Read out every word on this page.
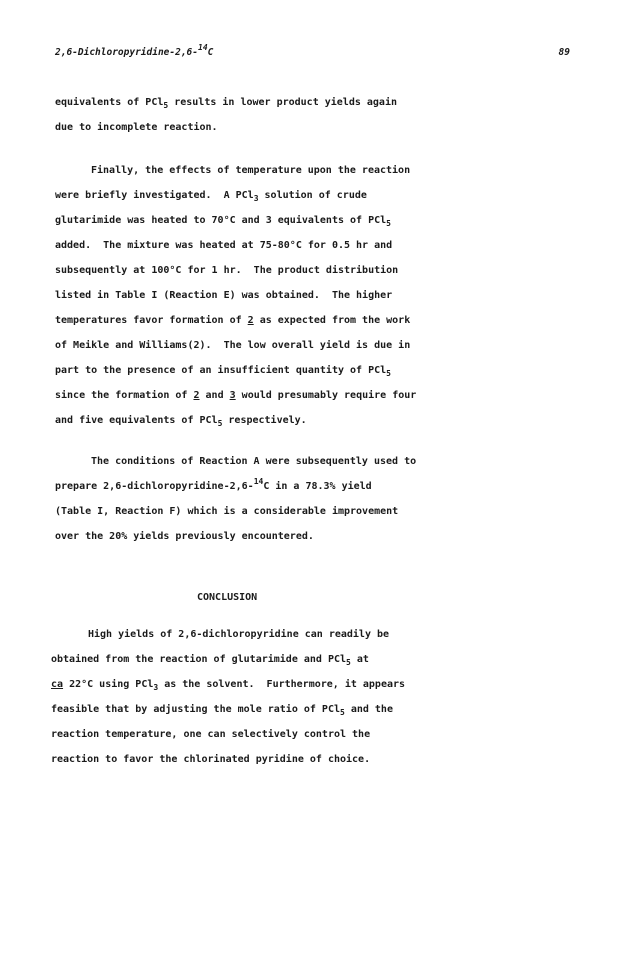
2,6-Dichloropyridine-2,6-$^{14}$C	89
equivalents of PCl$_5$ results in lower product yields again
due to incomplete reaction.
Finally, the effects of temperature upon the reaction
were briefly investigated.  A PCl$_3$ solution of crude
glutarimide was heated to 70°C and 3 equivalents of PCl$_5$
added.  The mixture was heated at 75-80°C for 0.5 hr and
subsequently at 100°C for 1 hr.  The product distribution
listed in Table I (Reaction E) was obtained.  The higher
temperatures favor formation of 2 as expected from the work
of Meikle and Williams(2).  The low overall yield is due in
part to the presence of an insufficient quantity of PCl$_5$
since the formation of 2 and 3 would presumably require four
and five equivalents of PCl$_5$ respectively.
The conditions of Reaction A were subsequently used to
prepare 2,6-dichloropyridine-2,6-$^{14}$C in a 78.3% yield
(Table I, Reaction F) which is a considerable improvement
over the 20% yields previously encountered.
CONCLUSION
High yields of 2,6-dichloropyridine can readily be
obtained from the reaction of glutarimide and PCl$_5$ at
ca 22°C using PCl$_3$ as the solvent.  Furthermore, it appears
feasible that by adjusting the mole ratio of PCl$_5$ and the
reaction temperature, one can selectively control the
reaction to favor the chlorinated pyridine of choice.
